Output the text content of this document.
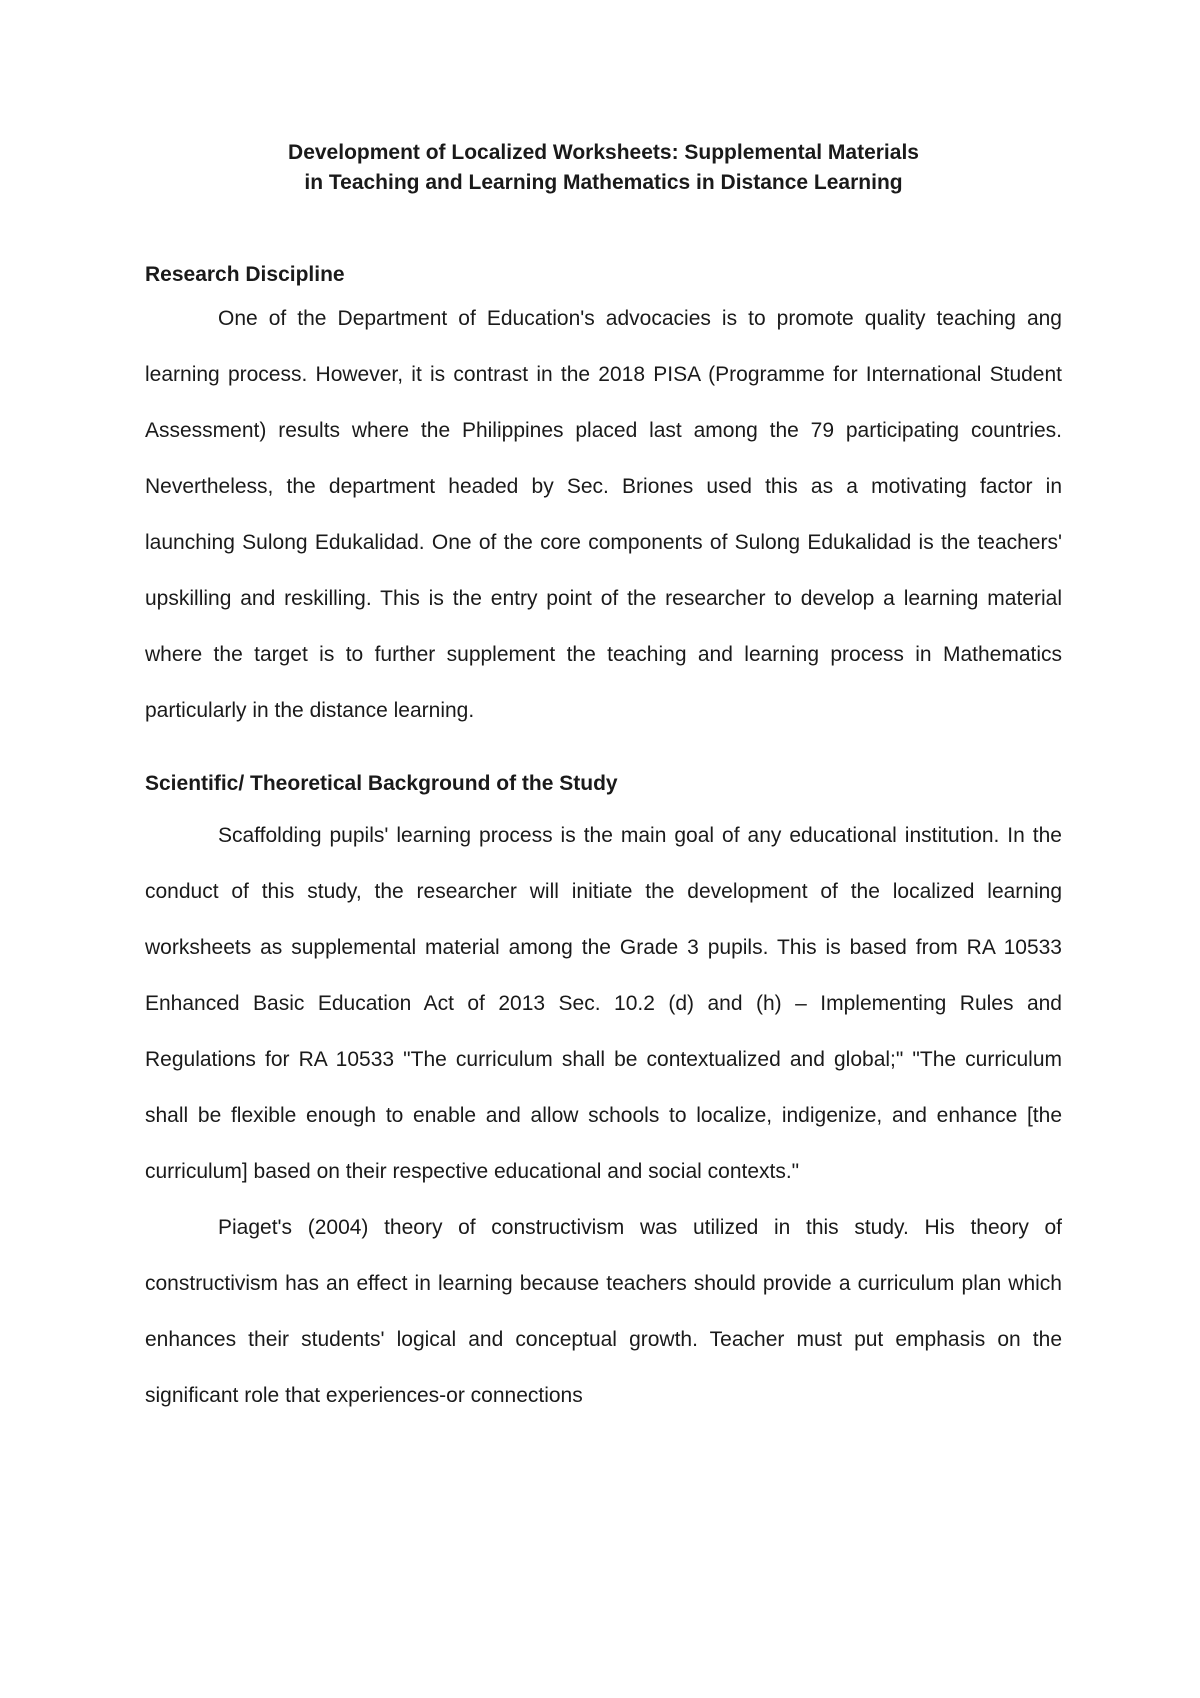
Development of Localized Worksheets: Supplemental Materials
in Teaching and Learning Mathematics in Distance Learning
Research Discipline

One of the Department of Education's advocacies is to promote quality teaching ang learning process. However, it is contrast in the 2018 PISA (Programme for International Student Assessment) results where the Philippines placed last among the 79 participating countries. Nevertheless, the department headed by Sec. Briones used this as a motivating factor in launching Sulong Edukalidad. One of the core components of Sulong Edukalidad is the teachers' upskilling and reskilling. This is the entry point of the researcher to develop a learning material where the target is to further supplement the teaching and learning process in Mathematics particularly in the distance learning.

Scientific/ Theoretical Background of the Study

Scaffolding pupils' learning process is the main goal of any educational institution. In the conduct of this study, the researcher will initiate the development of the localized learning worksheets as supplemental material among the Grade 3 pupils. This is based from RA 10533 Enhanced Basic Education Act of 2013 Sec. 10.2 (d) and (h) – Implementing Rules and Regulations for RA 10533 "The curriculum shall be contextualized and global;" "The curriculum shall be flexible enough to enable and allow schools to localize, indigenize, and enhance [the curriculum] based on their respective educational and social contexts."

Piaget's (2004) theory of constructivism was utilized in this study. His theory of constructivism has an effect in learning because teachers should provide a curriculum plan which enhances their students' logical and conceptual growth. Teacher must put emphasis on the significant role that experiences-or connections
